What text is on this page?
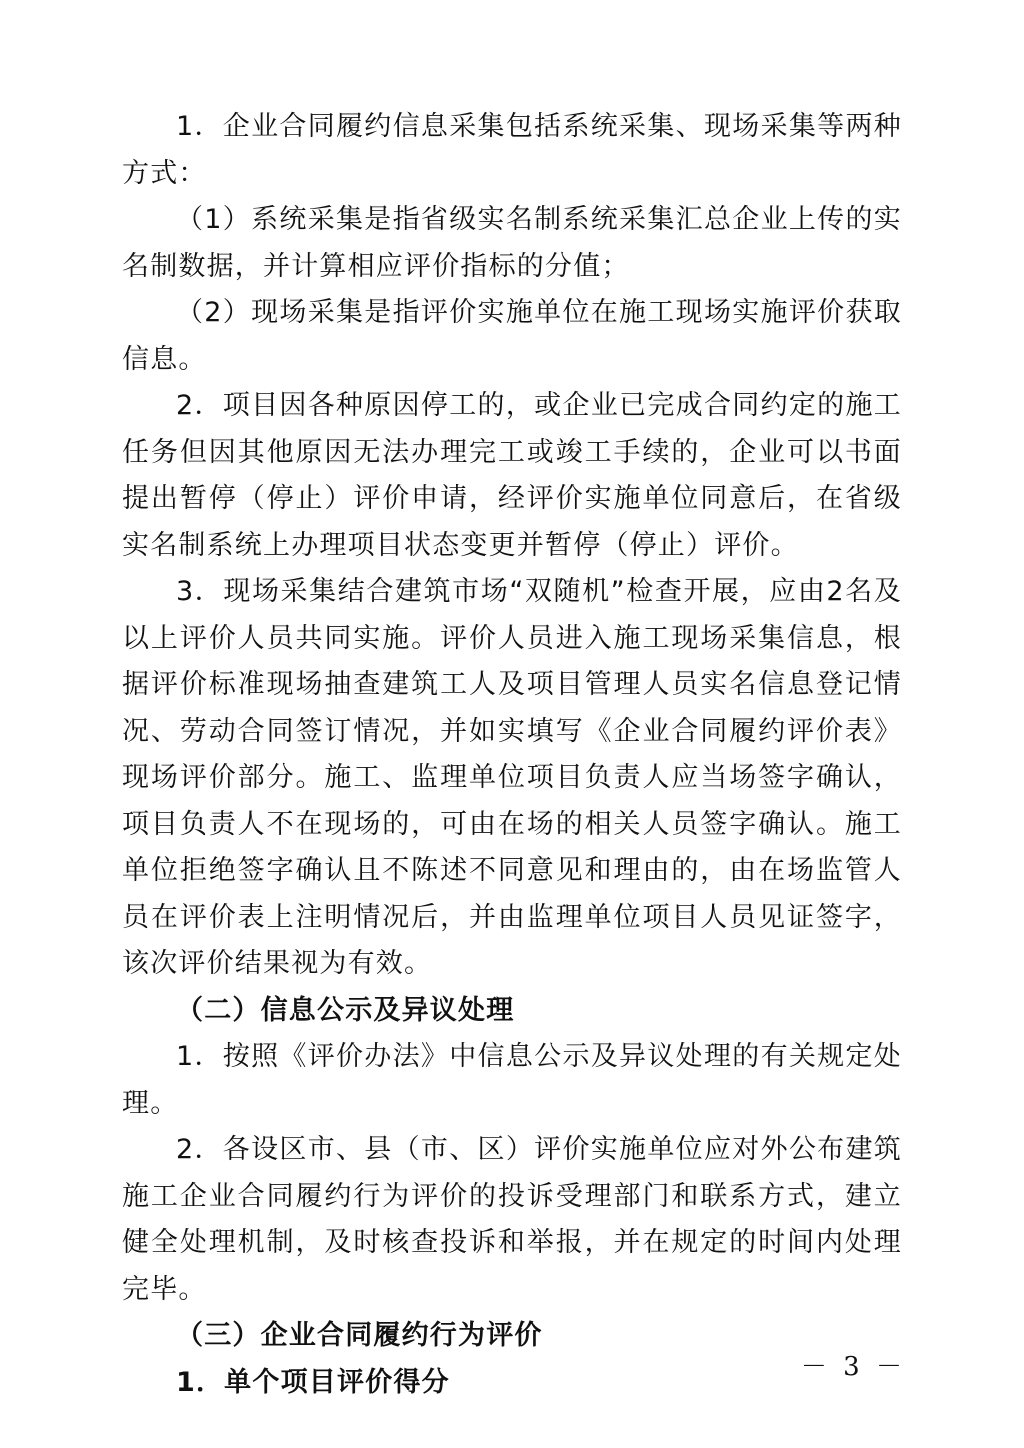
1．企业合同履约信息采集包括系统采集、现场采集等两种方式：

（1）系统采集是指省级实名制系统采集汇总企业上传的实名制数据，并计算相应评价指标的分值；

（2）现场采集是指评价实施单位在施工现场实施评价获取信息。

2．项目因各种原因停工的，或企业已完成合同约定的施工任务但因其他原因无法办理完工或竣工手续的，企业可以书面提出暂停（停止）评价申请，经评价实施单位同意后，在省级实名制系统上办理项目状态变更并暂停（停止）评价。

3．现场采集结合建筑市场“双随机”检查开展，应由2名及以上评价人员共同实施。评价人员进入施工现场采集信息，根据评价标准现场抽查建筑工人及项目管理人员实名信息登记情况、劳动合同签订情况，并如实填写《企业合同履约评价表》现场评价部分。施工、监理单位项目负责人应当场签字确认，项目负责人不在现场的，可由在场的相关人员签字确认。施工单位拒绝签字确认且不陈述不同意见和理由的，由在场监管人员在评价表上注明情况后，并由监理单位项目人员见证签字，该次评价结果视为有效。

（二）信息公示及异议处理

1．按照《评价办法》中信息公示及异议处理的有关规定处理。

2．各设区市、县（市、区）评价实施单位应对外公布建筑施工企业合同履约行为评价的投诉受理部门和联系方式，建立健全处理机制，及时核查投诉和举报，并在规定的时间内处理完毕。

（三）企业合同履约行为评价

1．单个项目评价得分	－ 3 －
